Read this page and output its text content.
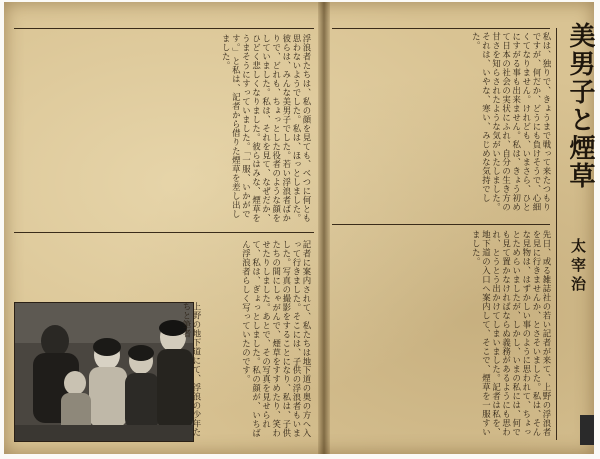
美男子と煙草
太宰治

私は、独りで、きょうまで戦って来たつもりですが、何だか、どうにも負けそうで、心細くてなりません。けれども、いまさら、ひとにすがる事も出来ません。私は、きょう初めて日本の社会の実状にふれ、自分の生き方の甘さを知らされたような気がいたしました。それは、いやな、寒い、みじめな気持でした。

先日、或る雑誌社の若い記者が来て、上野の浮浪者を見に行きませんか、とさそいました。私は、そんな見物は、はずかしい事のように思われて、ちょっとためらいましたが、しかし、いまの私には、何でも見て置かなければならぬ義務があるようにも思われ、とうとう出かけてしまいました。記者は私を、地下道の入口へ案内して、そこで、煙草を一服すいました。

浮浪者たちは、私の顔を見ても、べつに何とも思わないようでした。私は、ほっとしました。彼らは、みんな美男子でした。若い浮浪者ばかりで、どれも、ちょっとした役者のような顔をしていました。私は、それを見て、なぜだか、ひどく悲しくなりました。彼らはみな、煙草をうまそうにすっていました。「一服、いかがです。」と私は、記者から借りた煙草を差し出しました。

記者に案内されて、私たちは地下道の奥の方へ入って行きました。そこには、子供の浮浪者もいました。写真の撮影をすることになり、私は、子供たちの間にしゃがんで、煙草をすすめたり、笑わせたりしました。あとで、その写真を見せられて、私は、ぎょっとしました。私の顔が、いちばん浮浪者らしく写っていたのです。

上野の地下道にて、浮浪の少年たちと筆者
